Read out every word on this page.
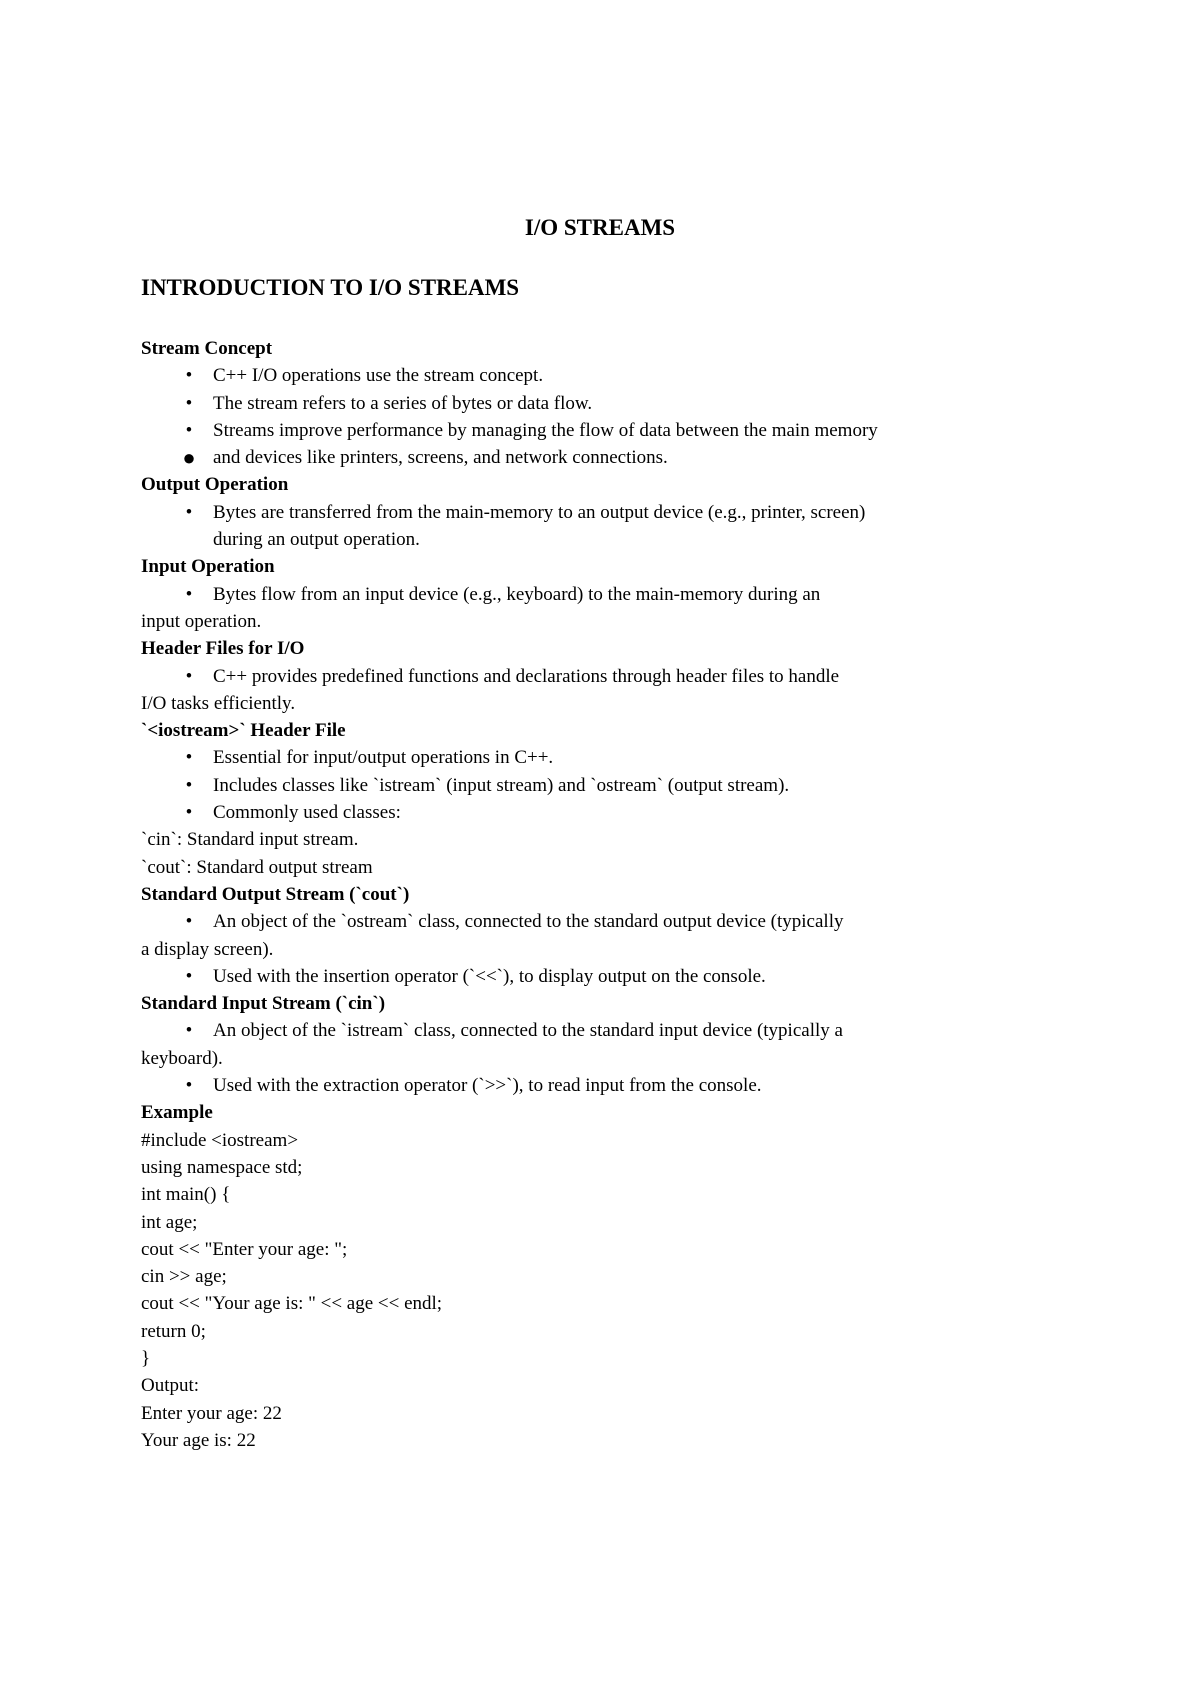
I/O STREAMS
INTRODUCTION TO I/O STREAMS
Stream Concept
•	C++ I/O operations use the stream concept.
•	The stream refers to a series of bytes or data flow.
•	Streams improve performance by managing the flow of data between the main memory
● and devices like printers, screens, and network connections.
Output Operation
•	Bytes are transferred from the main-memory to an output device (e.g., printer, screen)
during an output operation.
Input Operation
•	Bytes flow from an input device (e.g., keyboard) to the main-memory during an
input operation.
Header Files for I/O
•	C++ provides predefined functions and declarations through header files to handle
I/O tasks efficiently.
`<iostream>` Header File
•	Essential for input/output operations in C++.
•	Includes classes like `istream` (input stream) and `ostream` (output stream).
•	Commonly used classes:
`cin`: Standard input stream.
`cout`: Standard output stream
Standard Output Stream (`cout`)
•	An object of the `ostream` class, connected to the standard output device (typically
a display screen).
•	Used with the insertion operator (`<<`), to display output on the console.
Standard Input Stream (`cin`)
•	An object of the `istream` class, connected to the standard input device (typically a
keyboard).
•	Used with the extraction operator (`>>`), to read input from the console.
Example
#include <iostream>
using namespace std;
int main() {
int age;
cout << "Enter your age: ";
cin >> age;
cout << "Your age is: " << age << endl;
return 0;
}
Output:
Enter your age: 22
Your age is: 22
